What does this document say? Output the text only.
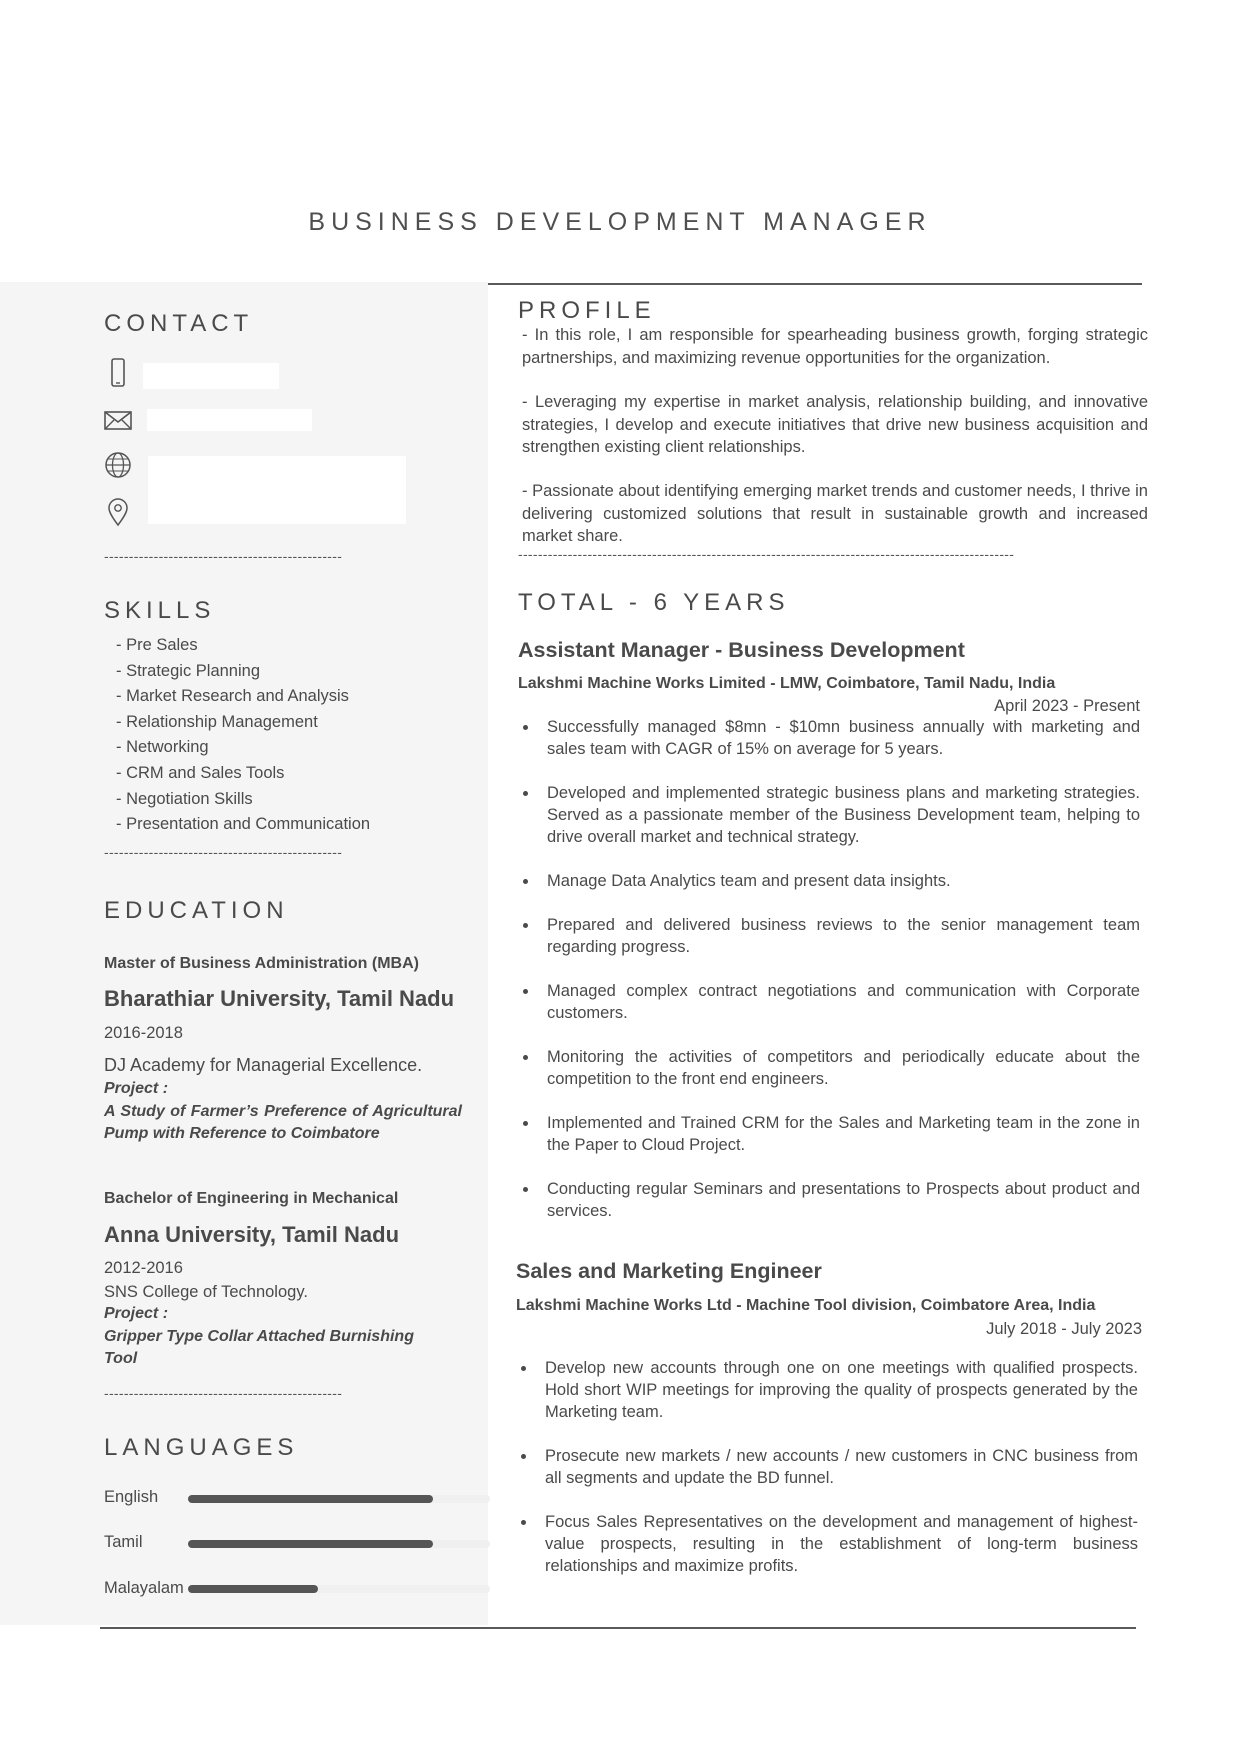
BUSINESS DEVELOPMENT MANAGER
CONTACT
------------------------------------------------
SKILLS
- Pre Sales
- Strategic Planning
- Market Research and Analysis
- Relationship Management
- Networking
- CRM and Sales Tools
- Negotiation Skills
- Presentation and Communication
------------------------------------------------
EDUCATION
Master of Business Administration (MBA)
Bharathiar University, Tamil Nadu
2016-2018
DJ Academy for Managerial Excellence.
Project :
A Study of Farmer’s Preference of Agricultural Pump with Reference to Coimbatore
Bachelor of Engineering in Mechanical
Anna University, Tamil Nadu
2012-2016
SNS College of Technology.
Project :
Gripper Type Collar Attached Burnishing Tool
------------------------------------------------
LANGUAGES
English
Tamil
Malayalam
PROFILE
- In this role, I am responsible for spearheading business growth, forging strategic partnerships, and maximizing revenue opportunities for the organization.
- Leveraging my expertise in market analysis, relationship building, and innovative strategies, I develop and execute initiatives that drive new business acquisition and strengthen existing client relationships.
- Passionate about identifying emerging market trends and customer needs, I thrive in delivering customized solutions that result in sustainable growth and increased market share.
----------------------------------------------------------------------------------------------------
TOTAL - 6 YEARS
Assistant Manager - Business Development
Lakshmi Machine Works Limited - LMW, Coimbatore, Tamil Nadu, India
April 2023 - Present
Successfully managed $8mn - $10mn business annually with marketing and sales team with CAGR of 15% on average for 5 years.
Developed and implemented strategic business plans and marketing strategies. Served as a passionate member of the Business Development team, helping to drive overall market and technical strategy.
Manage Data Analytics team and present data insights.
Prepared and delivered business reviews to the senior management team regarding progress.
Managed complex contract negotiations and communication with Corporate customers.
Monitoring the activities of competitors and periodically educate about the competition to the front end engineers.
Implemented and Trained CRM for the Sales and Marketing team in the zone in the Paper to Cloud Project.
Conducting regular Seminars and presentations to Prospects about product and services.
Sales and Marketing Engineer
Lakshmi Machine Works Ltd - Machine Tool division, Coimbatore Area, India
July 2018 - July 2023
Develop new accounts through one on one meetings with qualified prospects. Hold short WIP meetings for improving the quality of prospects generated by the Marketing team.
Prosecute new markets / new accounts / new customers in CNC business from all segments and update the BD funnel.
Focus Sales Representatives on the development and management of highest-value prospects, resulting in the establishment of long-term business relationships and maximize profits.
